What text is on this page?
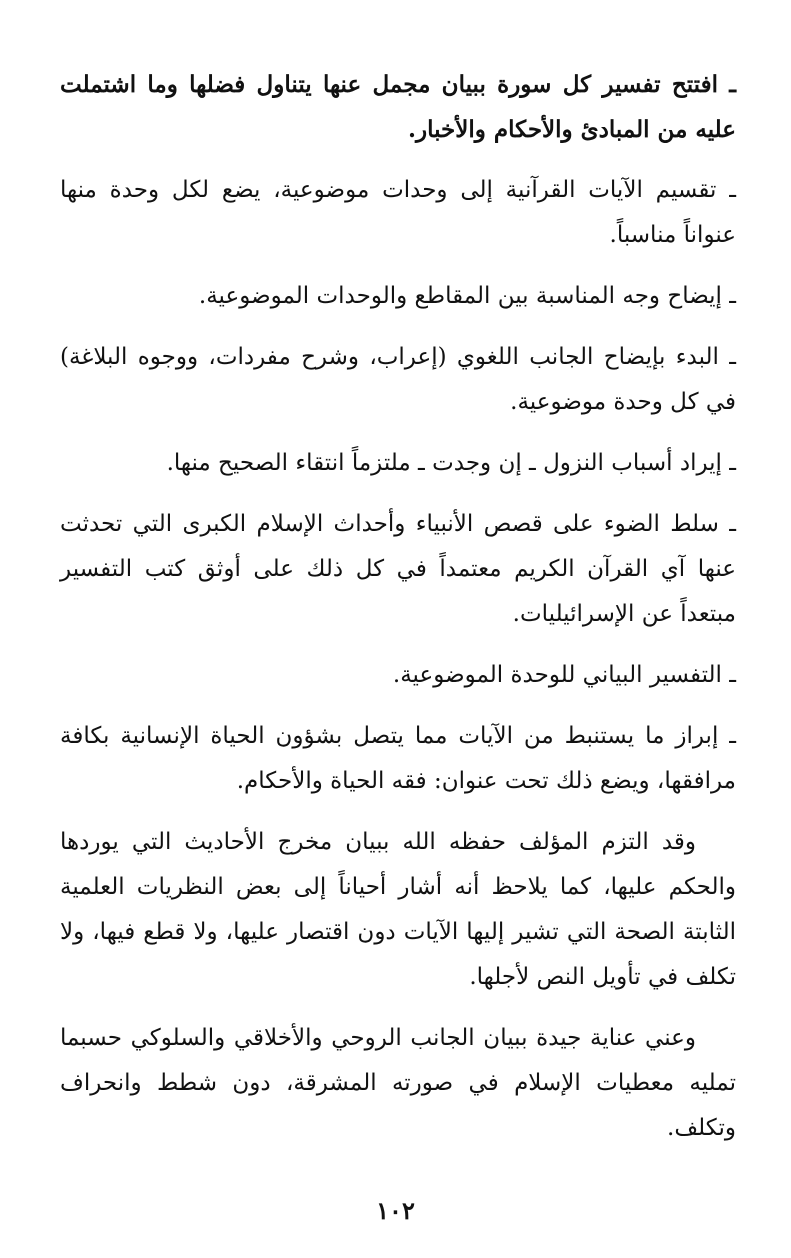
ـ افتتح تفسير كل سورة ببيان مجمل عنها يتناول فضلها وما اشتملت عليه من المبادئ والأحكام والأخبار.

ـ تقسيم الآيات القرآنية إلى وحدات موضوعية، يضع لكل وحدة منها عنواناً مناسباً.

ـ إيضاح وجه المناسبة بين المقاطع والوحدات الموضوعية.

ـ البدء بإيضاح الجانب اللغوي (إعراب، وشرح مفردات، ووجوه البلاغة) في كل وحدة موضوعية.

ـ إيراد أسباب النزول ـ إن وجدت ـ ملتزماً انتقاء الصحيح منها.

ـ سلط الضوء على قصص الأنبياء وأحداث الإسلام الكبرى التي تحدثت عنها آي القرآن الكريم معتمداً في كل ذلك على أوثق كتب التفسير مبتعداً عن الإسرائيليات.

ـ التفسير البياني للوحدة الموضوعية.

ـ إبراز ما يستنبط من الآيات مما يتصل بشؤون الحياة الإنسانية بكافة مرافقها، ويضع ذلك تحت عنوان: فقه الحياة والأحكام.

وقد التزم المؤلف حفظه الله ببيان مخرج الأحاديث التي يوردها والحكم عليها، كما يلاحظ أنه أشار أحياناً إلى بعض النظريات العلمية الثابتة الصحة التي تشير إليها الآيات دون اقتصار عليها، ولا قطع فيها، ولا تكلف في تأويل النص لأجلها.

وعني عناية جيدة ببيان الجانب الروحي والأخلاقي والسلوكي حسبما تمليه معطيات الإسلام في صورته المشرقة، دون شطط وانحراف وتكلف.

١٠٢
